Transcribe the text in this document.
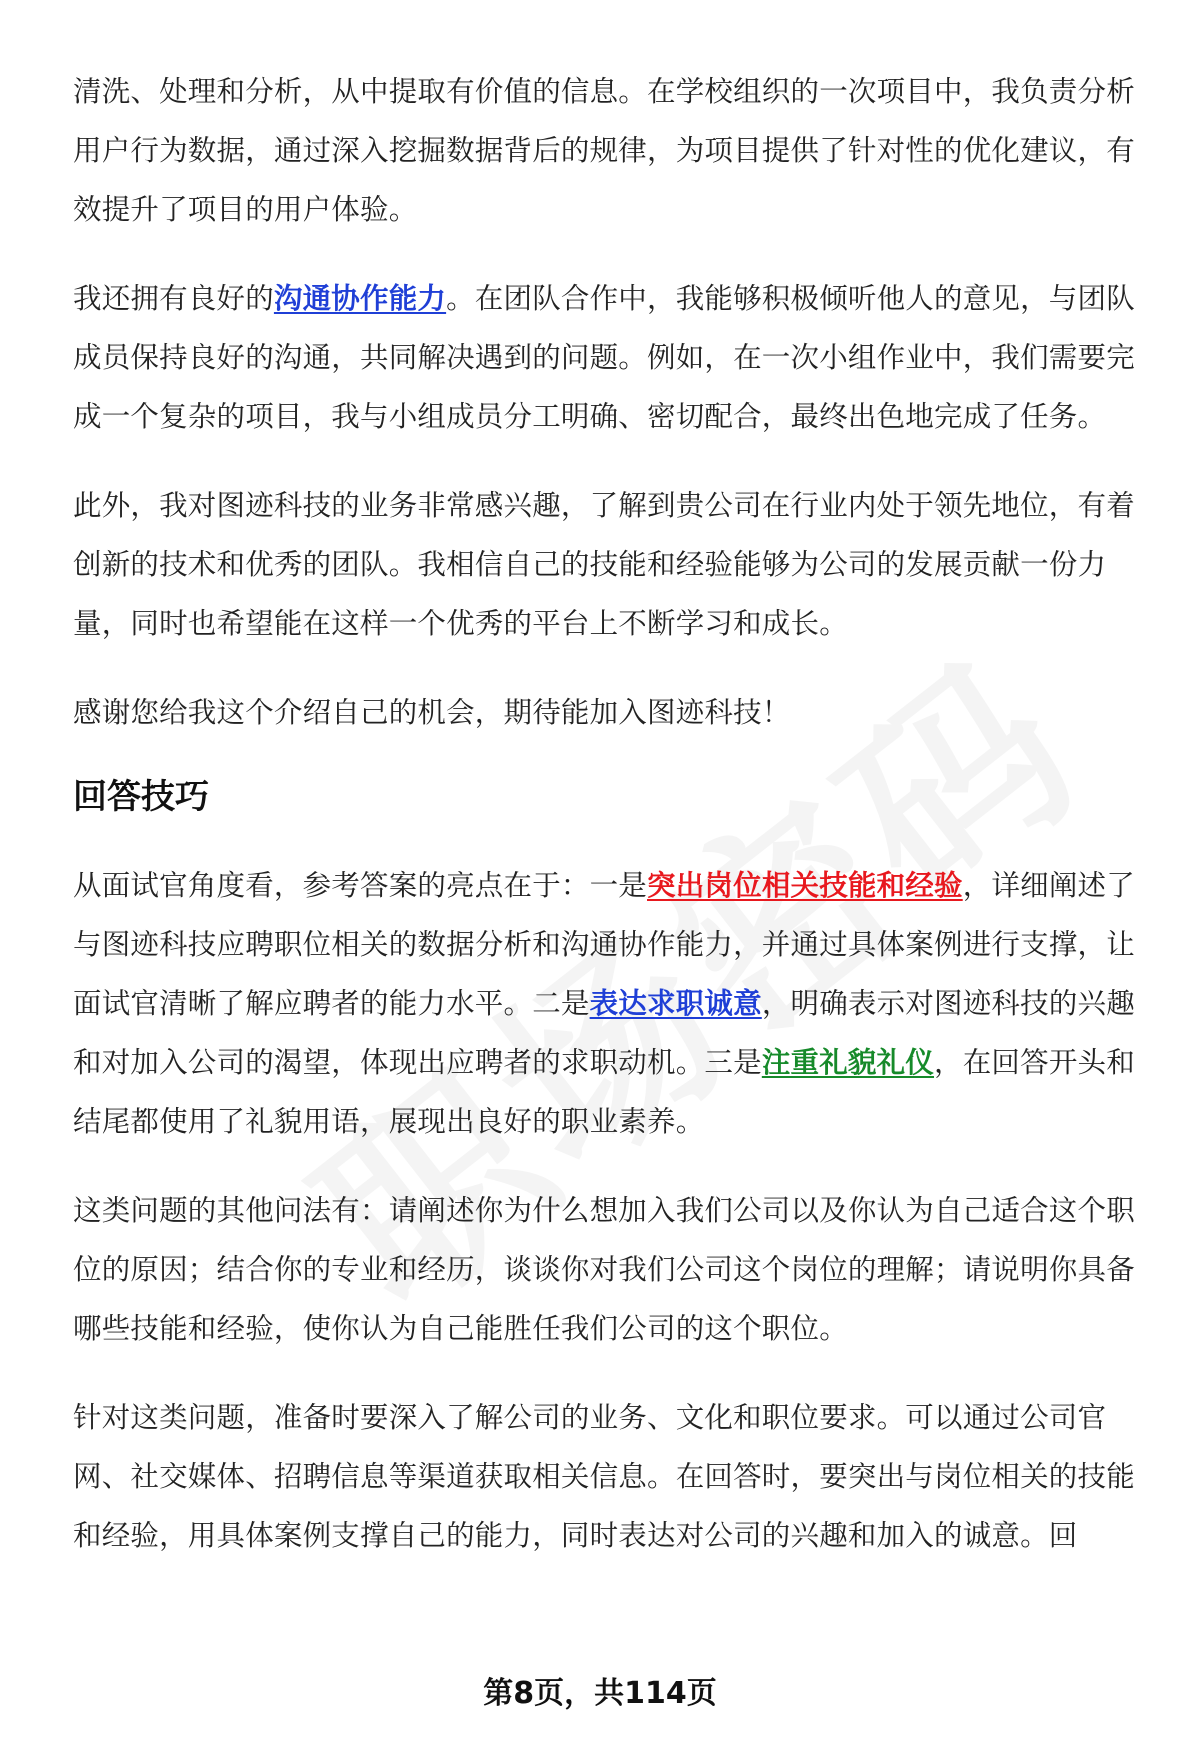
清洗、处理和分析，从中提取有价值的信息。在学校组织的一次项目中，我负责分析用户行为数据，通过深入挖掘数据背后的规律，为项目提供了针对性的优化建议，有效提升了项目的用户体验。

我还拥有良好的沟通协作能力。在团队合作中，我能够积极倾听他人的意见，与团队成员保持良好的沟通，共同解决遇到的问题。例如，在一次小组作业中，我们需要完成一个复杂的项目，我与小组成员分工明确、密切配合，最终出色地完成了任务。

此外，我对图迹科技的业务非常感兴趣，了解到贵公司在行业内处于领先地位，有着创新的技术和优秀的团队。我相信自己的技能和经验能够为公司的发展贡献一份力量，同时也希望能在这样一个优秀的平台上不断学习和成长。

感谢您给我这个介绍自己的机会，期待能加入图迹科技！

回答技巧

从面试官角度看，参考答案的亮点在于：一是突出岗位相关技能和经验，详细阐述了与图迹科技应聘职位相关的数据分析和沟通协作能力，并通过具体案例进行支撑，让面试官清晰了解应聘者的能力水平。二是表达求职诚意，明确表示对图迹科技的兴趣和对加入公司的渴望，体现出应聘者的求职动机。三是注重礼貌礼仪，在回答开头和结尾都使用了礼貌用语，展现出良好的职业素养。

这类问题的其他问法有：请阐述你为什么想加入我们公司以及你认为自己适合这个职位的原因；结合你的专业和经历，谈谈你对我们公司这个岗位的理解；请说明你具备哪些技能和经验，使你认为自己能胜任我们公司的这个职位。

针对这类问题，准备时要深入了解公司的业务、文化和职位要求。可以通过公司官网、社交媒体、招聘信息等渠道获取相关信息。在回答时，要突出与岗位相关的技能和经验，用具体案例支撑自己的能力，同时表达对公司的兴趣和加入的诚意。回

第8页，共114页
